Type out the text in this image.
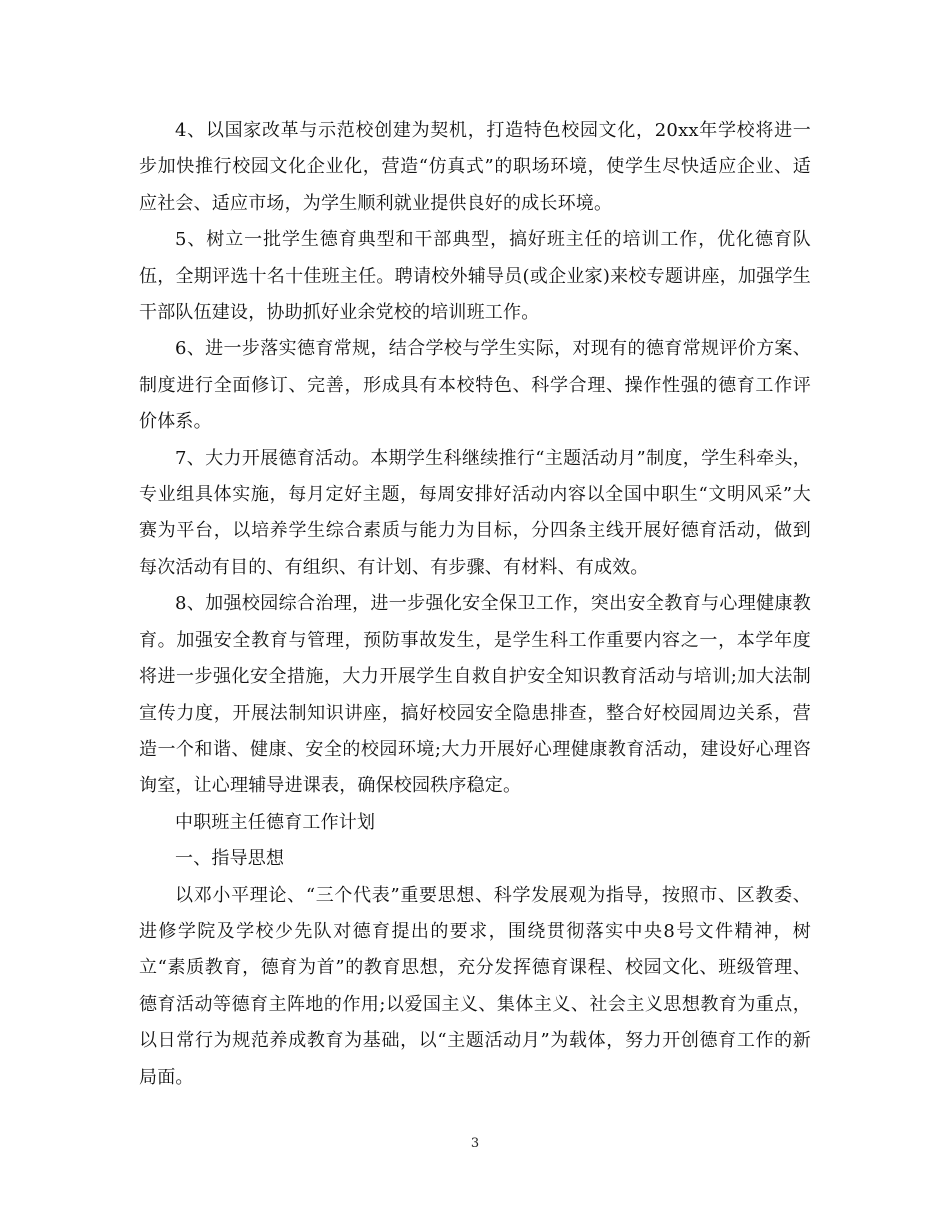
4、以国家改革与示范校创建为契机，打造特色校园文化，20xx年学校将进一步加快推行校园文化企业化，营造“仿真式”的职场环境，使学生尽快适应企业、适应社会、适应市场，为学生顺利就业提供良好的成长环境。

5、树立一批学生德育典型和干部典型，搞好班主任的培训工作，优化德育队伍，全期评选十名十佳班主任。聘请校外辅导员(或企业家)来校专题讲座，加强学生干部队伍建设，协助抓好业余党校的培训班工作。

6、进一步落实德育常规，结合学校与学生实际，对现有的德育常规评价方案、制度进行全面修订、完善，形成具有本校特色、科学合理、操作性强的德育工作评价体系。

7、大力开展德育活动。本期学生科继续推行“主题活动月”制度，学生科牵头，专业组具体实施，每月定好主题，每周安排好活动内容以全国中职生“文明风采”大赛为平台，以培养学生综合素质与能力为目标，分四条主线开展好德育活动，做到每次活动有目的、有组织、有计划、有步骤、有材料、有成效。

8、加强校园综合治理，进一步强化安全保卫工作，突出安全教育与心理健康教育。加强安全教育与管理，预防事故发生，是学生科工作重要内容之一，本学年度将进一步强化安全措施，大力开展学生自救自护安全知识教育活动与培训;加大法制宣传力度，开展法制知识讲座，搞好校园安全隐患排查，整合好校园周边关系，营造一个和谐、健康、安全的校园环境;大力开展好心理健康教育活动，建设好心理咨询室，让心理辅导进课表，确保校园秩序稳定。

中职班主任德育工作计划

一、指导思想

以邓小平理论、“三个代表”重要思想、科学发展观为指导，按照市、区教委、进修学院及学校少先队对德育提出的要求，围绕贯彻落实中央8号文件精神，树立“素质教育，德育为首”的教育思想，充分发挥德育课程、校园文化、班级管理、德育活动等德育主阵地的作用;以爱国主义、集体主义、社会主义思想教育为重点，以日常行为规范养成教育为基础，以“主题活动月”为载体，努力开创德育工作的新局面。

3
